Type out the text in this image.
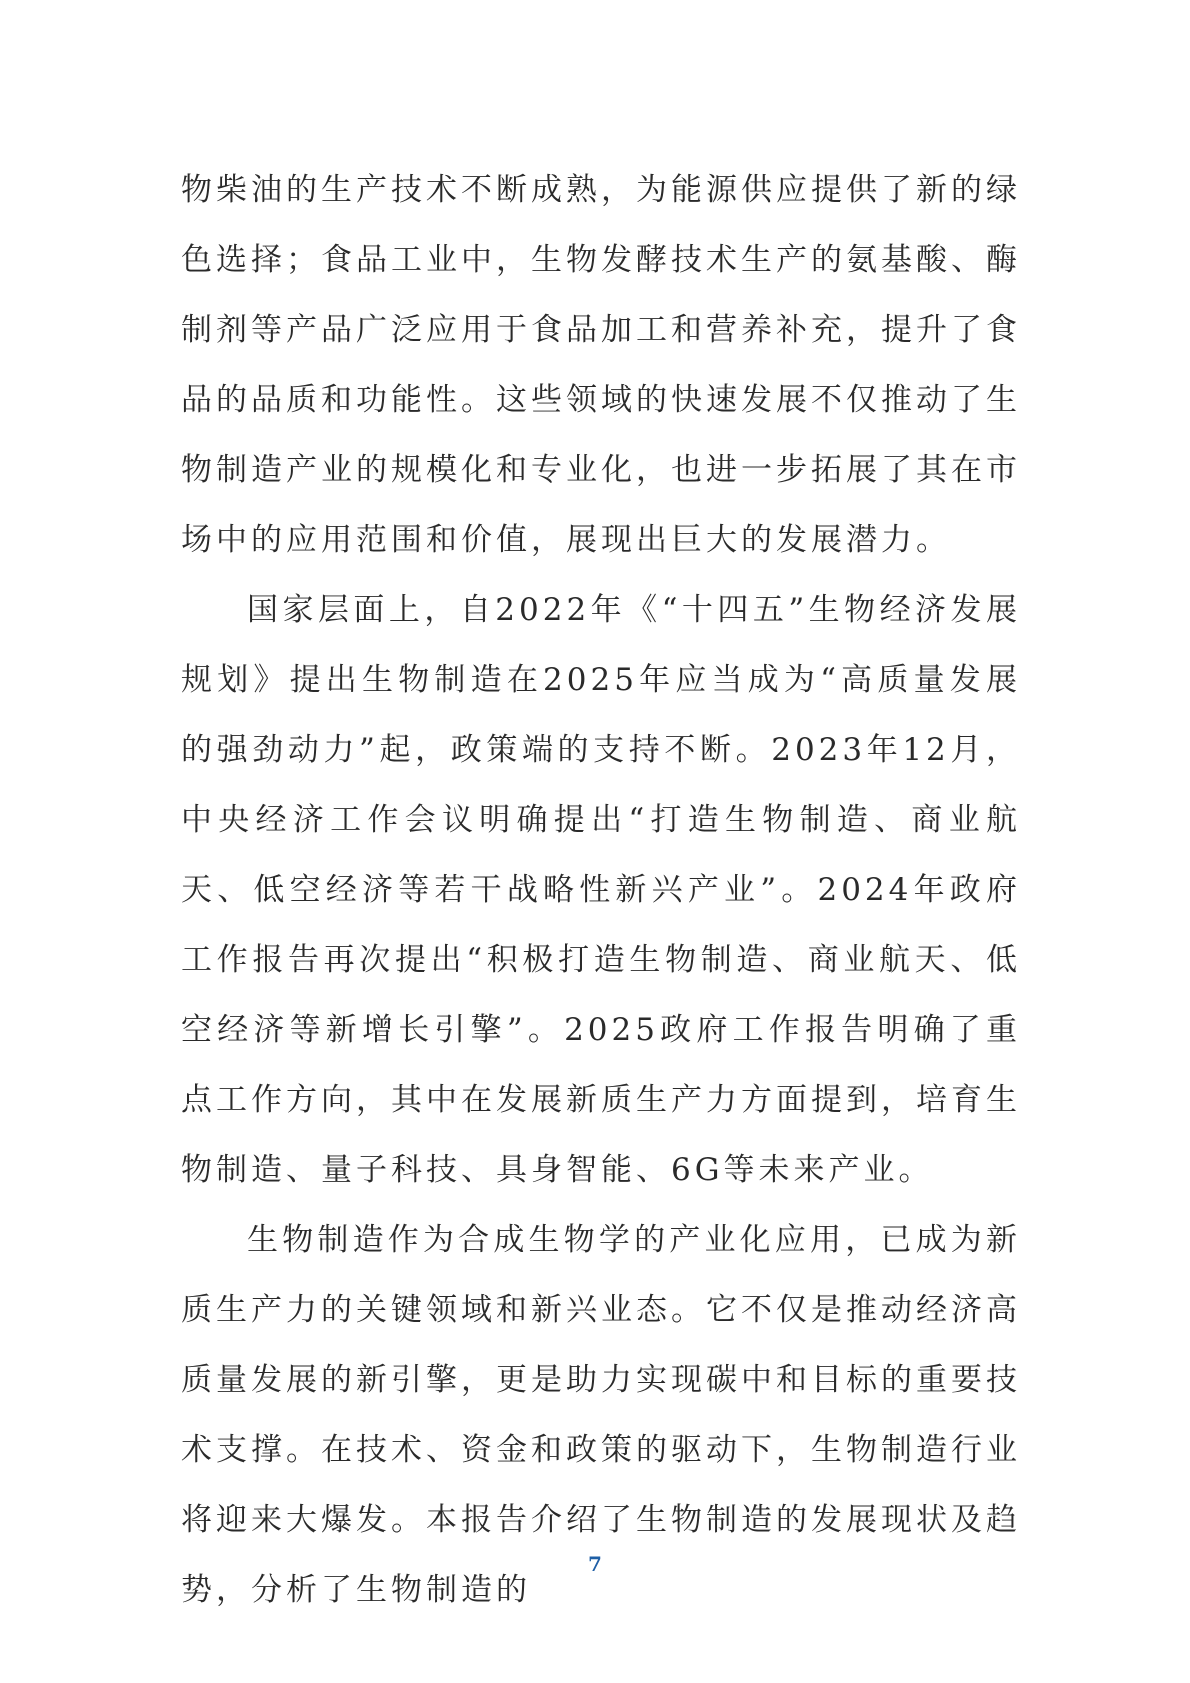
物柴油的生产技术不断成熟，为能源供应提供了新的绿色选择；食品工业中，生物发酵技术生产的氨基酸、酶制剂等产品广泛应用于食品加工和营养补充，提升了食品的品质和功能性。这些领域的快速发展不仅推动了生物制造产业的规模化和专业化，也进一步拓展了其在市场中的应用范围和价值，展现出巨大的发展潜力。

国家层面上，自2022年《“十四五”生物经济发展规划》提出生物制造在2025年应当成为“高质量发展的强劲动力”起，政策端的支持不断。2023年12月，中央经济工作会议明确提出“打造生物制造、商业航天、低空经济等若干战略性新兴产业”。2024年政府工作报告再次提出“积极打造生物制造、商业航天、低空经济等新增长引擎”。2025政府工作报告明确了重点工作方向，其中在发展新质生产力方面提到，培育生物制造、量子科技、具身智能、6G等未来产业。

生物制造作为合成生物学的产业化应用，已成为新质生产力的关键领域和新兴业态。它不仅是推动经济高质量发展的新引擎，更是助力实现碳中和目标的重要技术支撑。在技术、资金和政策的驱动下，生物制造行业将迎来大爆发。本报告介绍了生物制造的发展现状及趋势，分析了生物制造的

7
